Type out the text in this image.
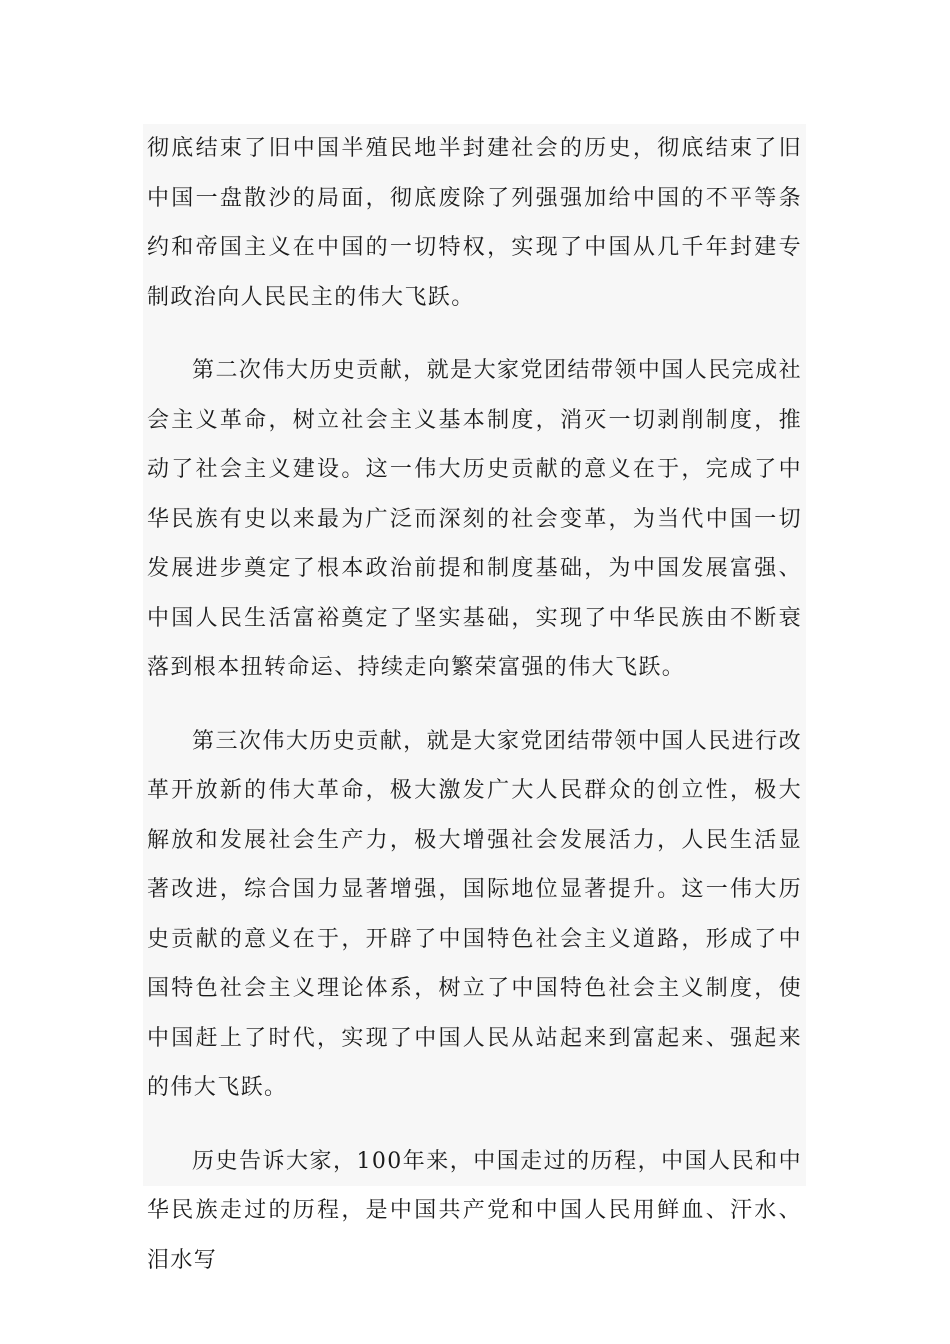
彻底结束了旧中国半殖民地半封建社会的历史，彻底结束了旧中国一盘散沙的局面，彻底废除了列强强加给中国的不平等条约和帝国主义在中国的一切特权，实现了中国从几千年封建专制政治向人民民主的伟大飞跃。

第二次伟大历史贡献，就是大家党团结带领中国人民完成社会主义革命，树立社会主义基本制度，消灭一切剥削制度，推动了社会主义建设。这一伟大历史贡献的意义在于，完成了中华民族有史以来最为广泛而深刻的社会变革，为当代中国一切发展进步奠定了根本政治前提和制度基础，为中国发展富强、中国人民生活富裕奠定了坚实基础，实现了中华民族由不断衰落到根本扭转命运、持续走向繁荣富强的伟大飞跃。

第三次伟大历史贡献，就是大家党团结带领中国人民进行改革开放新的伟大革命，极大激发广大人民群众的创立性，极大解放和发展社会生产力，极大增强社会发展活力，人民生活显著改进，综合国力显著增强，国际地位显著提升。这一伟大历史贡献的意义在于，开辟了中国特色社会主义道路，形成了中国特色社会主义理论体系，树立了中国特色社会主义制度，使中国赶上了时代，实现了中国人民从站起来到富起来、强起来的伟大飞跃。

历史告诉大家，100年来，中国走过的历程，中国人民和中华民族走过的历程，是中国共产党和中国人民用鲜血、汗水、泪水写
